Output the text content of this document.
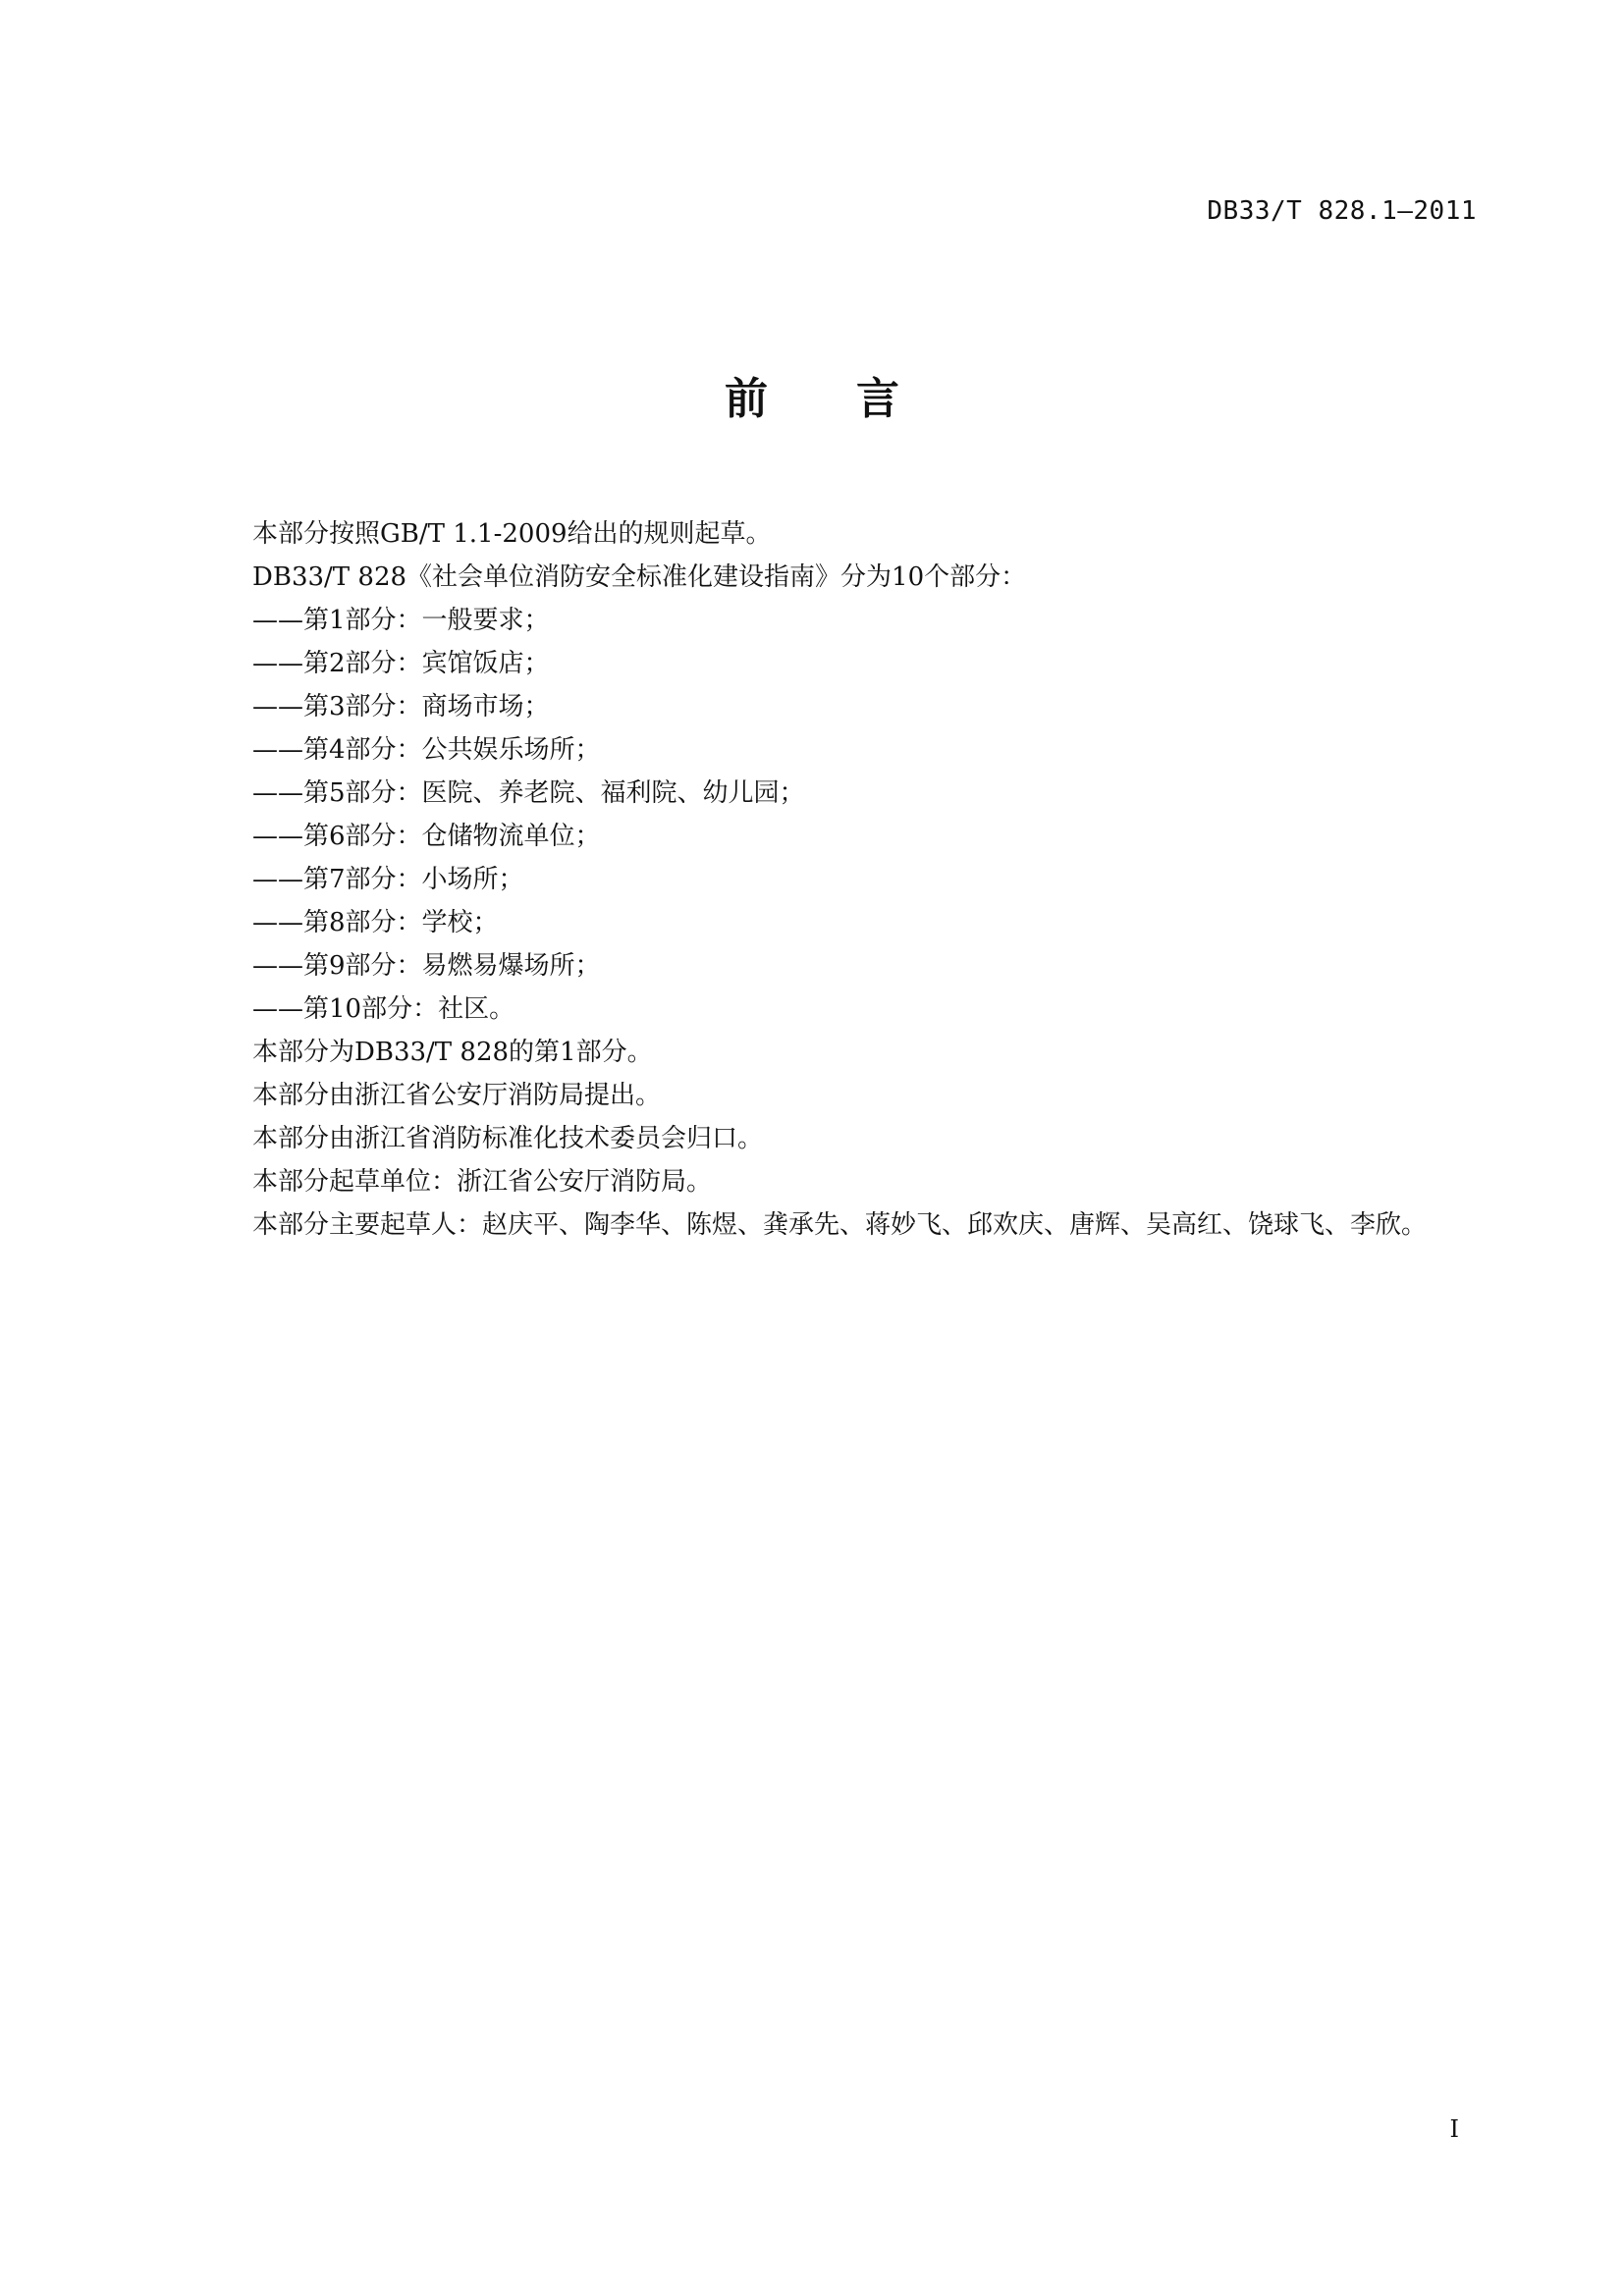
DB33/T 828.1—2011
前言

本部分按照GB/T 1.1-2009给出的规则起草。

DB33/T 828《社会单位消防安全标准化建设指南》分为10个部分：

——第1部分：一般要求；

——第2部分：宾馆饭店；

——第3部分：商场市场；

——第4部分：公共娱乐场所；

——第5部分：医院、养老院、福利院、幼儿园；

——第6部分：仓储物流单位；

——第7部分：小场所；

——第8部分：学校；

——第9部分：易燃易爆场所；

——第10部分：社区。

本部分为DB33/T 828的第1部分。

本部分由浙江省公安厅消防局提出。

本部分由浙江省消防标准化技术委员会归口。

本部分起草单位：浙江省公安厅消防局。

本部分主要起草人：赵庆平、陶李华、陈煜、龚承先、蒋妙飞、邱欢庆、唐辉、吴高红、饶球飞、李欣。

I
